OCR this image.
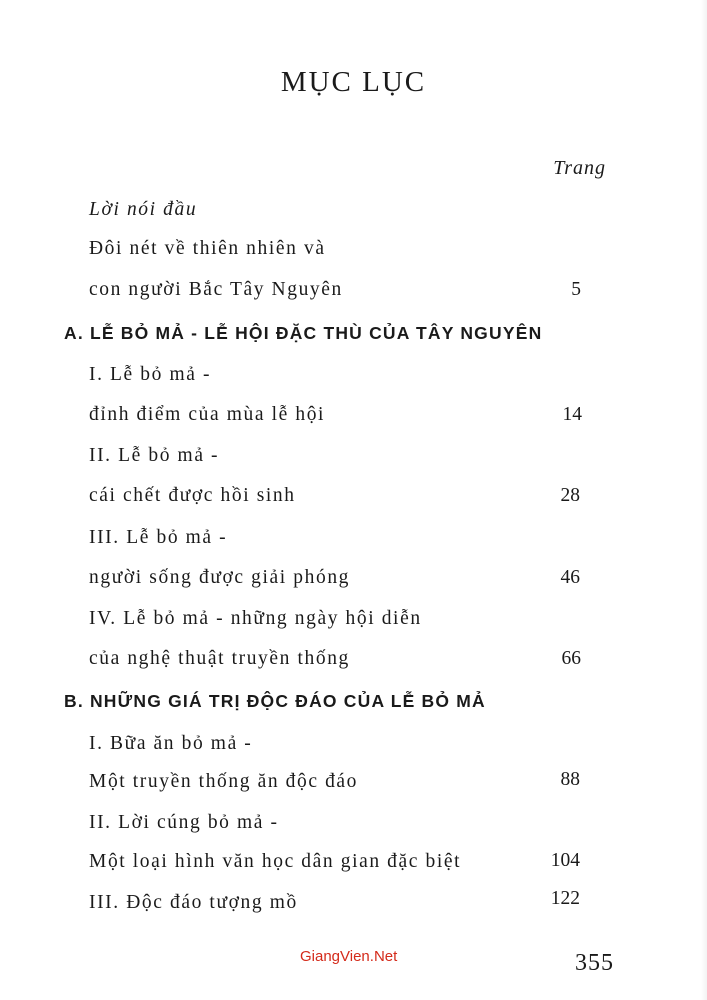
MỤC LỤC
Trang
Lời nói đầu
Đôi nét về thiên nhiên và
con người Bắc Tây Nguyên	5
A. LỄ BỎ MẢ - LỄ HỘI ĐẶC THÙ CỦA TÂY NGUYÊN
I. Lễ bỏ mả -
đỉnh điểm của mùa lễ hội	14
II. Lễ bỏ mả -
cái chết được hồi sinh	28
III. Lễ bỏ mả -
người sống được giải phóng	46
IV. Lễ bỏ mả - những ngày hội diễn
của nghệ thuật truyền thống	66
B. NHỮNG GIÁ TRỊ ĐỘC ĐÁO CỦA LỄ BỎ MẢ
I. Bữa ăn bỏ mả -
Một truyền thống ăn độc đáo	88
II. Lời cúng bỏ mả -
Một loại hình văn học dân gian đặc biệt	104
III. Độc đáo tượng mồ	122
GiangVien.Net	355
